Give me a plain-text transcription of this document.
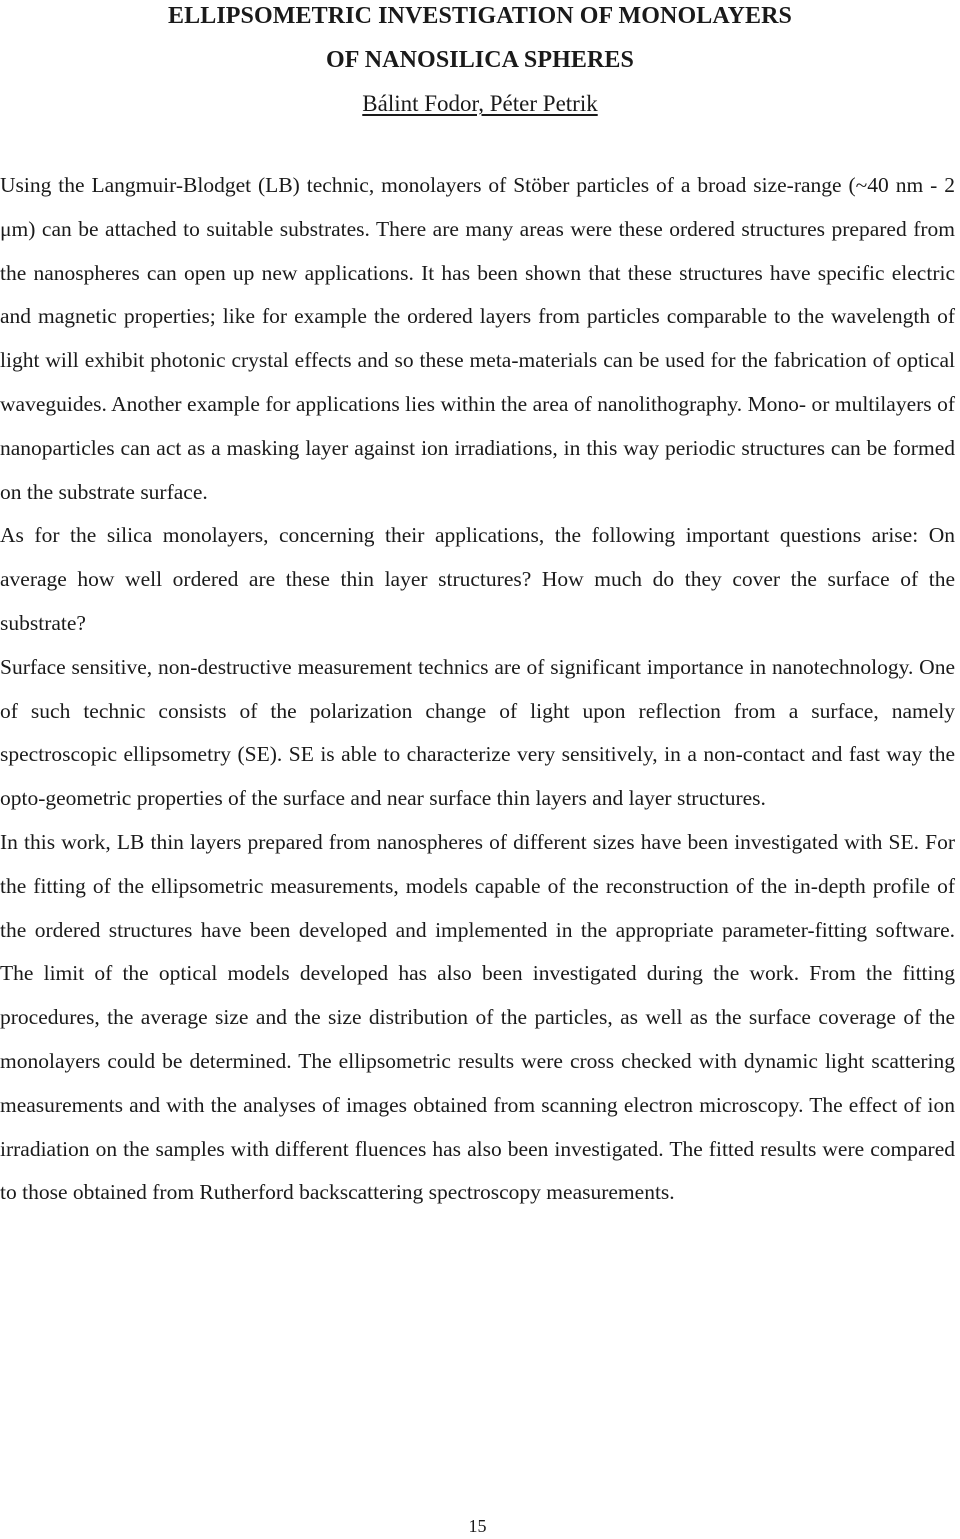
ELLIPSOMETRIC INVESTIGATION OF MONOLAYERS
OF NANOSILICA SPHERES
Bálint Fodor, Péter Petrik

Using the Langmuir-Blodget (LB) technic, monolayers of Stöber particles of a broad size-range (~40 nm - 2 μm) can be attached to suitable substrates. There are many areas were these ordered structures prepared from the nanospheres can open up new applications. It has been shown that these structures have specific electric and magnetic properties; like for example the ordered layers from particles comparable to the wavelength of light will exhibit photonic crystal effects and so these meta-materials can be used for the fabrication of optical waveguides. Another example for applications lies within the area of nanolithography. Mono- or multilayers of nanoparticles can act as a masking layer against ion irradiations, in this way periodic structures can be formed on the substrate surface.

As for the silica monolayers, concerning their applications, the following important questions arise: On average how well ordered are these thin layer structures? How much do they cover the surface of the substrate?

Surface sensitive, non-destructive measurement technics are of significant importance in nanotechnology. One of such technic consists of the polarization change of light upon reflection from a surface, namely spectroscopic ellipsometry (SE). SE is able to characterize very sensitively, in a non-contact and fast way the opto-geometric properties of the surface and near surface thin layers and layer structures.

In this work, LB thin layers prepared from nanospheres of different sizes have been investigated with SE. For the fitting of the ellipsometric measurements, models capable of the reconstruction of the in-depth profile of the ordered structures have been developed and implemented in the appropriate parameter-fitting software. The limit of the optical models developed has also been investigated during the work. From the fitting procedures, the average size and the size distribution of the particles, as well as the surface coverage of the monolayers could be determined. The ellipsometric results were cross checked with dynamic light scattering measurements and with the analyses of images obtained from scanning electron microscopy. The effect of ion irradiation on the samples with different fluences has also been investigated. The fitted results were compared to those obtained from Rutherford backscattering spectroscopy measurements.

15
